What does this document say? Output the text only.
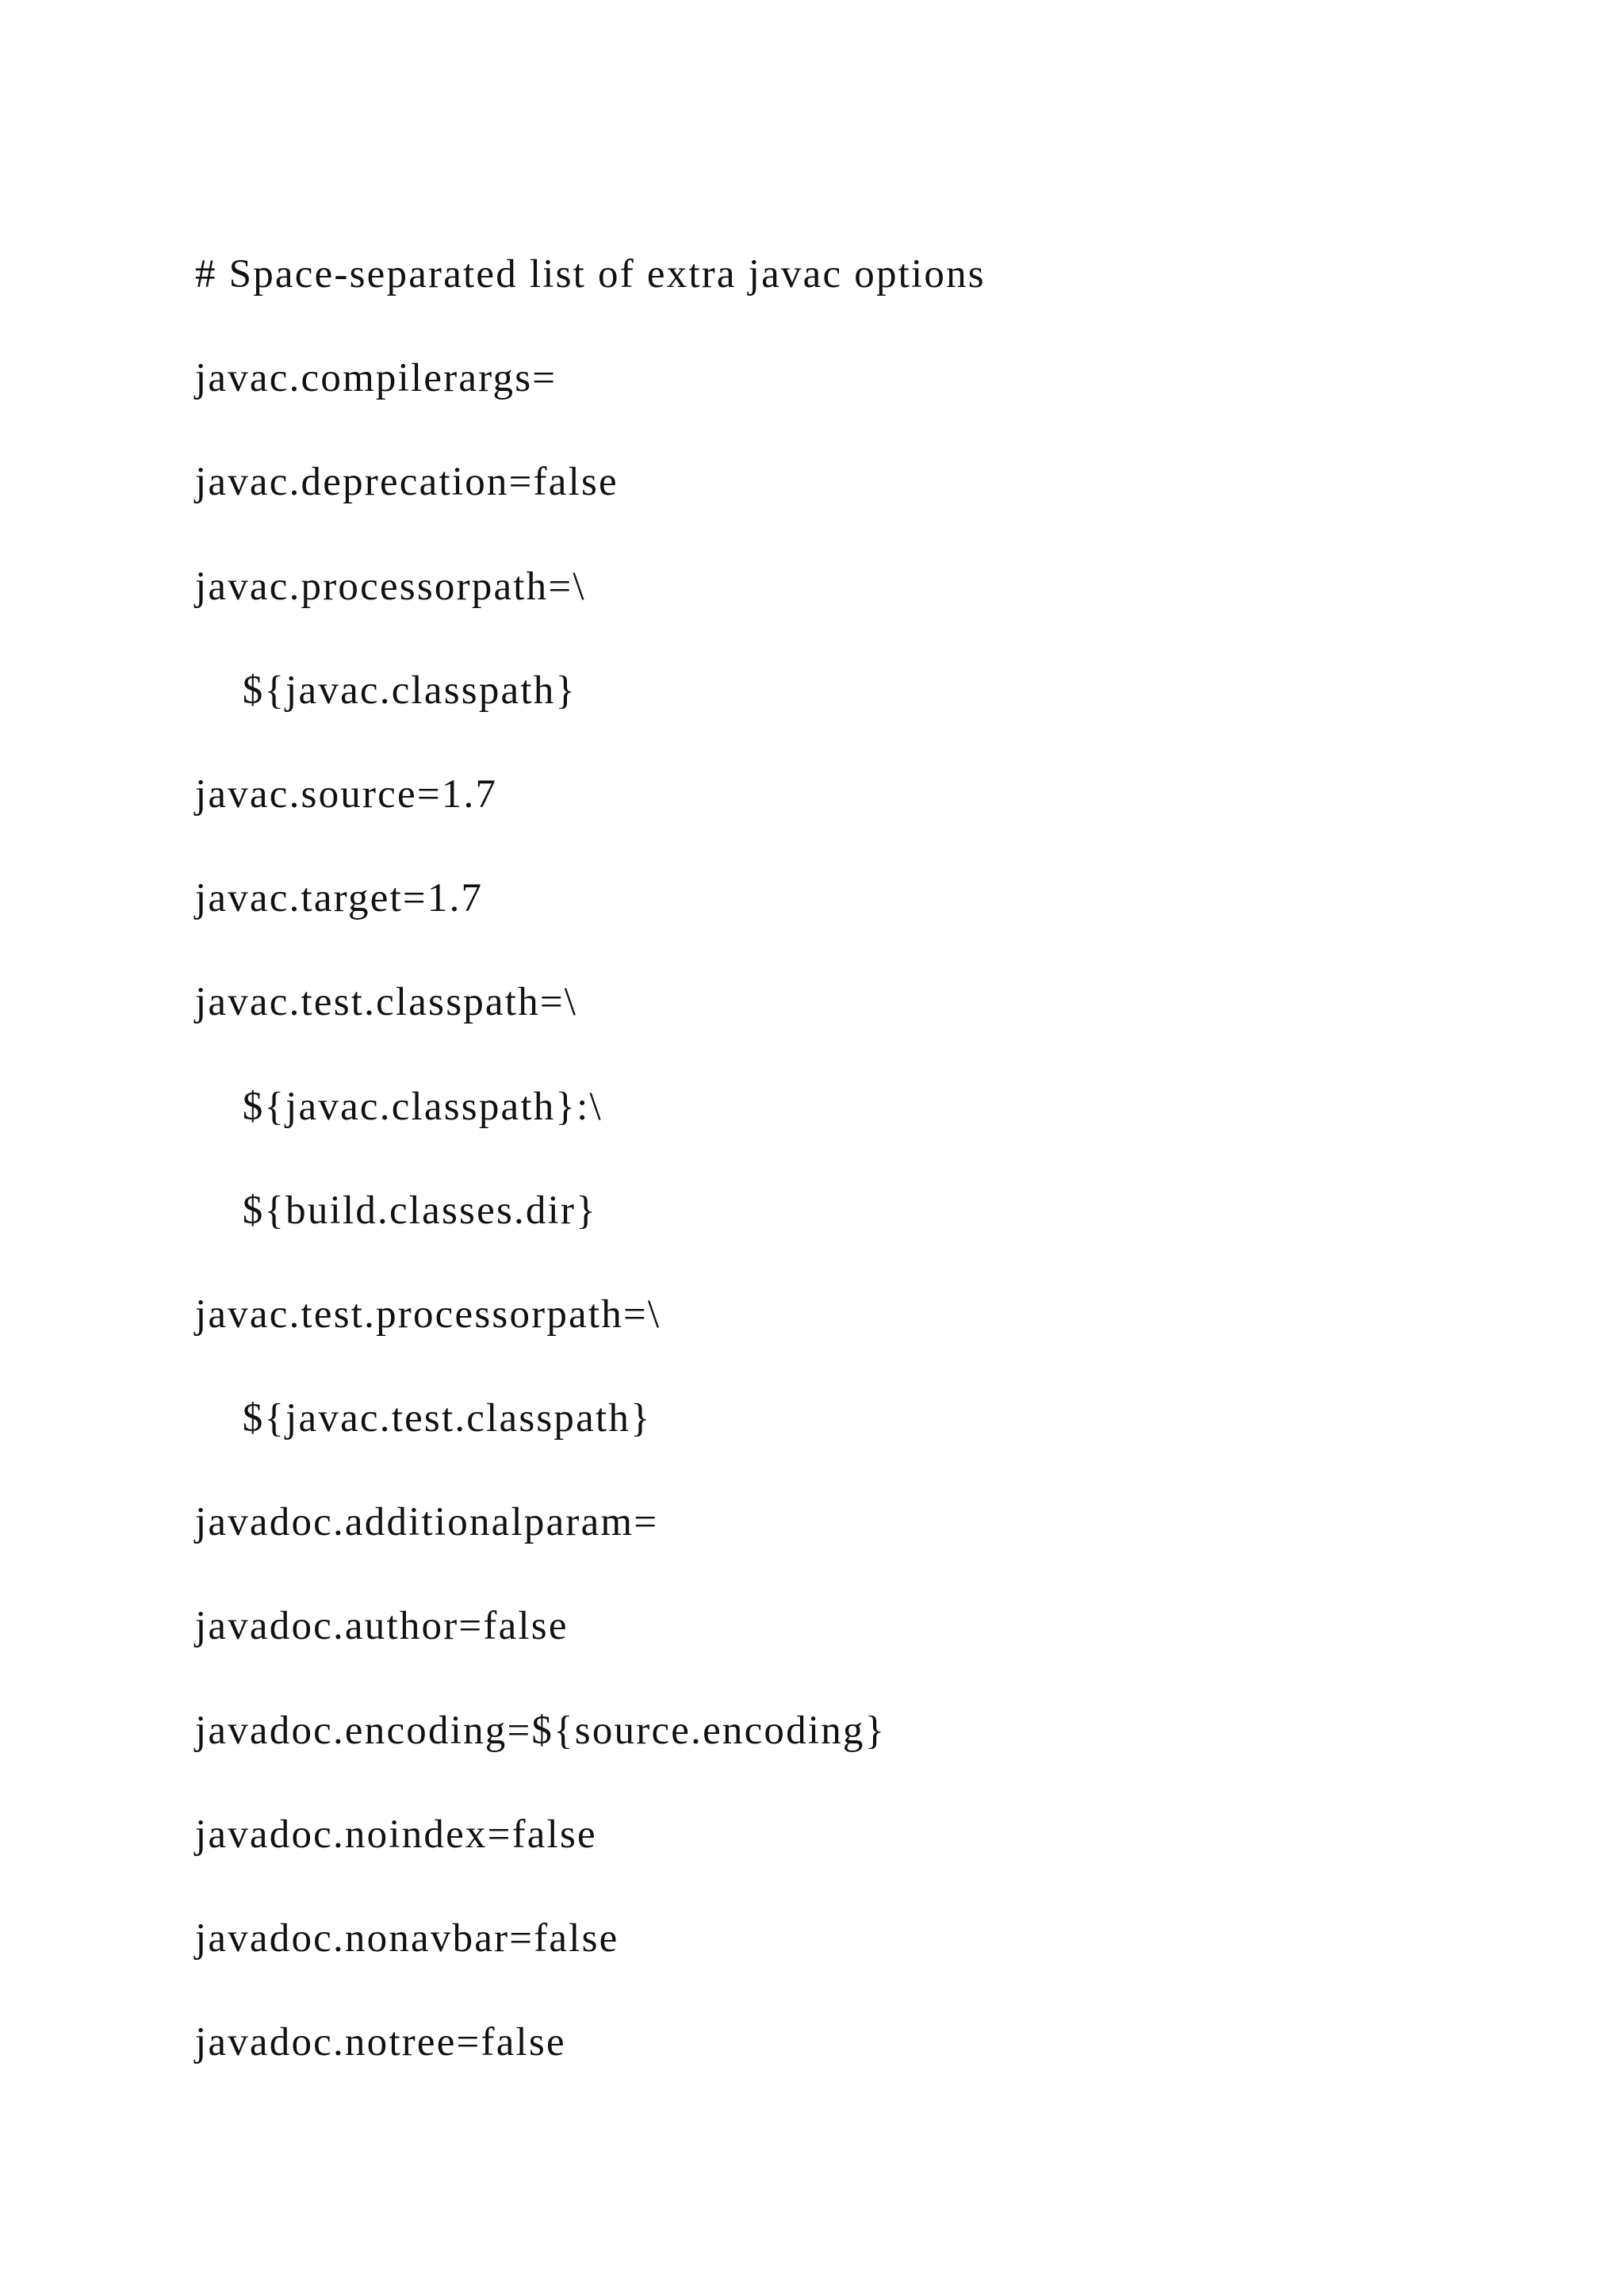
# Space-separated list of extra javac options
javac.compilerargs=
javac.deprecation=false
javac.processorpath=\
${javac.classpath}
javac.source=1.7
javac.target=1.7
javac.test.classpath=\
${javac.classpath}:\
${build.classes.dir}
javac.test.processorpath=\
${javac.test.classpath}
javadoc.additionalparam=
javadoc.author=false
javadoc.encoding=${source.encoding}
javadoc.noindex=false
javadoc.nonavbar=false
javadoc.notree=false
